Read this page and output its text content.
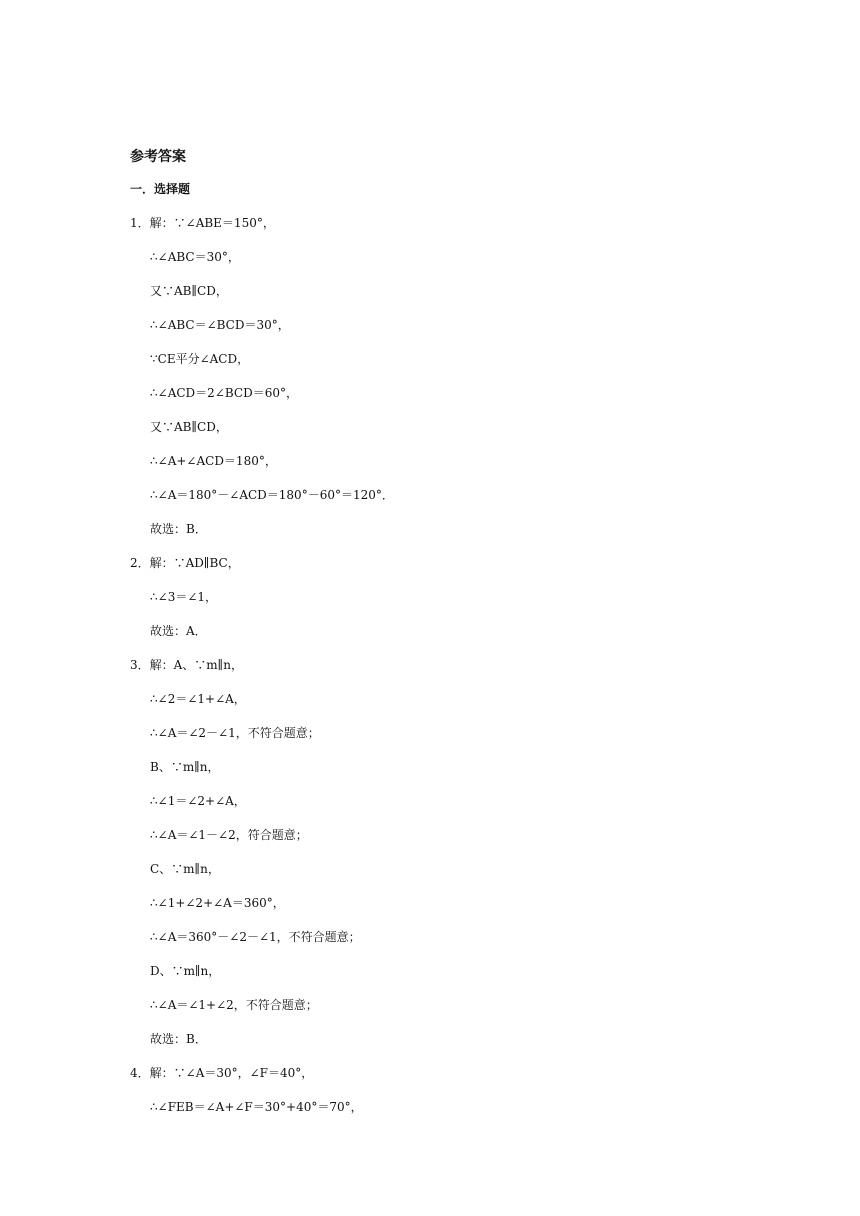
参考答案
一．选择题
1．解：∵∠ABE＝150°，
∴∠ABC＝30°，
又∵AB∥CD，
∴∠ABC＝∠BCD＝30°，
∵CE平分∠ACD，
∴∠ACD＝2∠BCD＝60°，
又∵AB∥CD，
∴∠A+∠ACD＝180°，
∴∠A＝180°－∠ACD＝180°－60°＝120°．
故选：B．
2．解：∵AD∥BC，
∴∠3＝∠1，
故选：A．
3．解：A、∵m∥n，
∴∠2＝∠1+∠A，
∴∠A＝∠2－∠1，不符合题意；
B、∵m∥n，
∴∠1＝∠2+∠A，
∴∠A＝∠1－∠2，符合题意；
C、∵m∥n，
∴∠1+∠2+∠A＝360°，
∴∠A＝360°－∠2－∠1，不符合题意；
D、∵m∥n，
∴∠A＝∠1+∠2，不符合题意；
故选：B．
4．解：∵∠A＝30°，∠F＝40°，
∴∠FEB＝∠A+∠F＝30°+40°＝70°，
